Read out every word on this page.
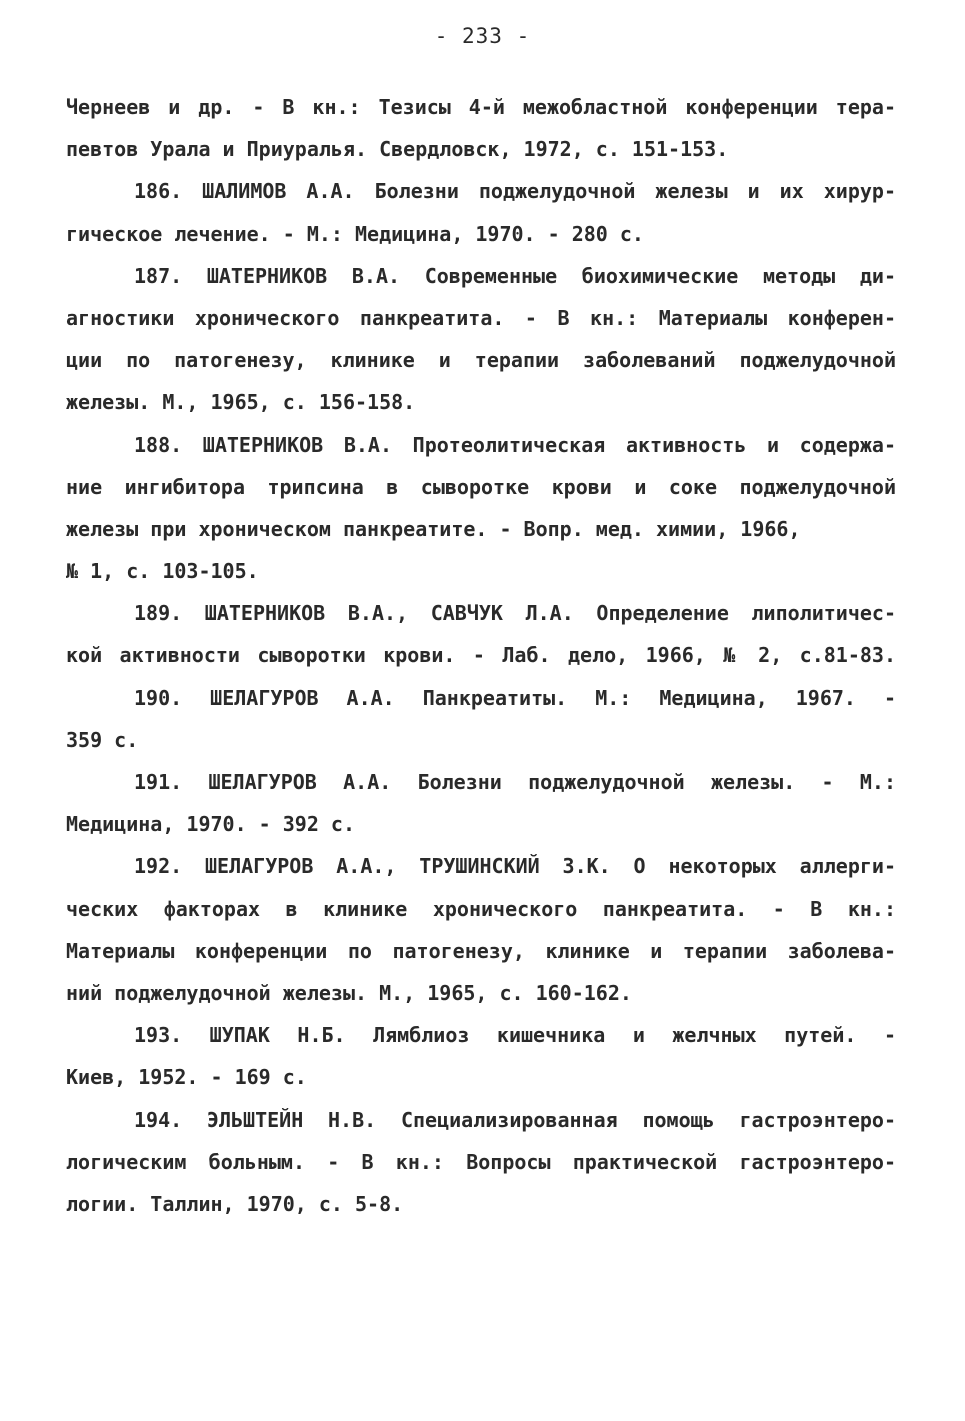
- 233 -
Чернеев и др. - В кн.: Тезисы 4-й межобластной конференции тера-
певтов Урала и Приуралья. Свердловск, 1972, с. 151-153.
186. ШАЛИМОВ А.А. Болезни поджелудочной железы и их хирур-
гическое лечение. - М.: Медицина, 1970. - 280 с.
187. ШАТЕРНИКОВ В.А. Современные биохимические методы ди-
агностики хронического панкреатита. - В кн.: Материалы конферен-
ции по патогенезу, клинике и терапии заболеваний поджелудочной
железы. М., 1965, с. 156-158.
188. ШАТЕРНИКОВ В.А. Протеолитическая активность и содержа-
ние ингибитора трипсина в сыворотке крови и соке поджелудочной
железы при хроническом панкреатите. - Вопр. мед. химии, 1966,
№ 1, с. 103-105.
189. ШАТЕРНИКОВ В.А., САВЧУК Л.А. Определение липолитичес-
кой активности сыворотки крови. - Лаб. дело, 1966, № 2, с.81-83.
190. ШЕЛАГУРОВ А.А. Панкреатиты. М.: Медицина, 1967. -
359 с.
191. ШЕЛАГУРОВ А.А. Болезни поджелудочной железы. - М.:
Медицина, 1970. - 392 с.
192. ШЕЛАГУРОВ А.А., ТРУШИНСКИЙ З.К. О некоторых аллерги-
ческих факторах в клинике хронического панкреатита. - В кн.:
Материалы конференции по патогенезу, клинике и терапии заболева-
ний поджелудочной железы. М., 1965, с. 160-162.
193. ШУПАК Н.Б. Лямблиоз кишечника и желчных путей. -
Киев, 1952. - 169 с.
194. ЭЛЬШТЕЙН Н.В. Специализированная помощь гастроэнтеро-
логическим больным. - В кн.: Вопросы практической гастроэнтеро-
логии. Таллин, 1970, с. 5-8.
